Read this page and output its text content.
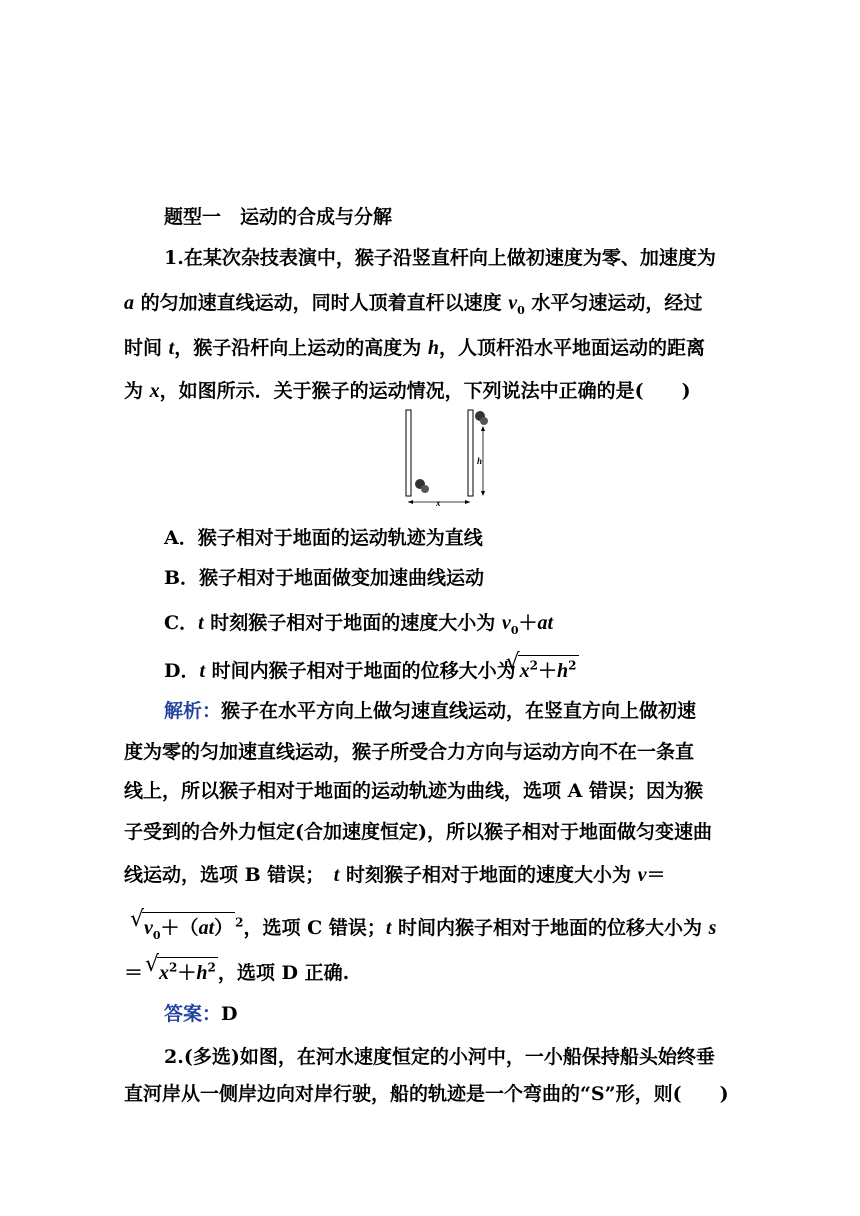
题型一　运动的合成与分解
1.在某次杂技表演中，猴子沿竖直杆向上做初速度为零、加速度为
a 的匀加速直线运动，同时人顶着直杆以速度 $v_0$ 水平匀速运动，经过
时间 t，猴子沿杆向上运动的高度为 h，人顶杆沿水平地面运动的距离
为 x，如图所示．关于猴子的运动情况，下列说法中正确的是(　　)
h
x
A．猴子相对于地面的运动轨迹为直线
B．猴子相对于地面做变加速曲线运动
C．t 时刻猴子相对于地面的速度大小为 $v_0+at$
D．t 时间内猴子相对于地面的位移大小为 √ $x^2+h^2$
解析：猴子在水平方向上做匀速直线运动，在竖直方向上做初速
度为零的匀加速直线运动，猴子所受合力方向与运动方向不在一条直
线上，所以猴子相对于地面的运动轨迹为曲线，选项 A 错误；因为猴
子受到的合外力恒定(合加速度恒定)，所以猴子相对于地面做匀变速曲
线运动，选项 B 错误；　t 时刻猴子相对于地面的速度大小为 v＝
√ $v_0+(at)$ $^2$，选项 C 错误；t 时间内猴子相对于地面的位移大小为 s
＝ √ $x^2+h^2$ ，选项 D 正确.
答案：D
2.(多选)如图，在河水速度恒定的小河中，一小船保持船头始终垂
直河岸从一侧岸边向对岸行驶，船的轨迹是一个弯曲的“S”形，则(　　)
